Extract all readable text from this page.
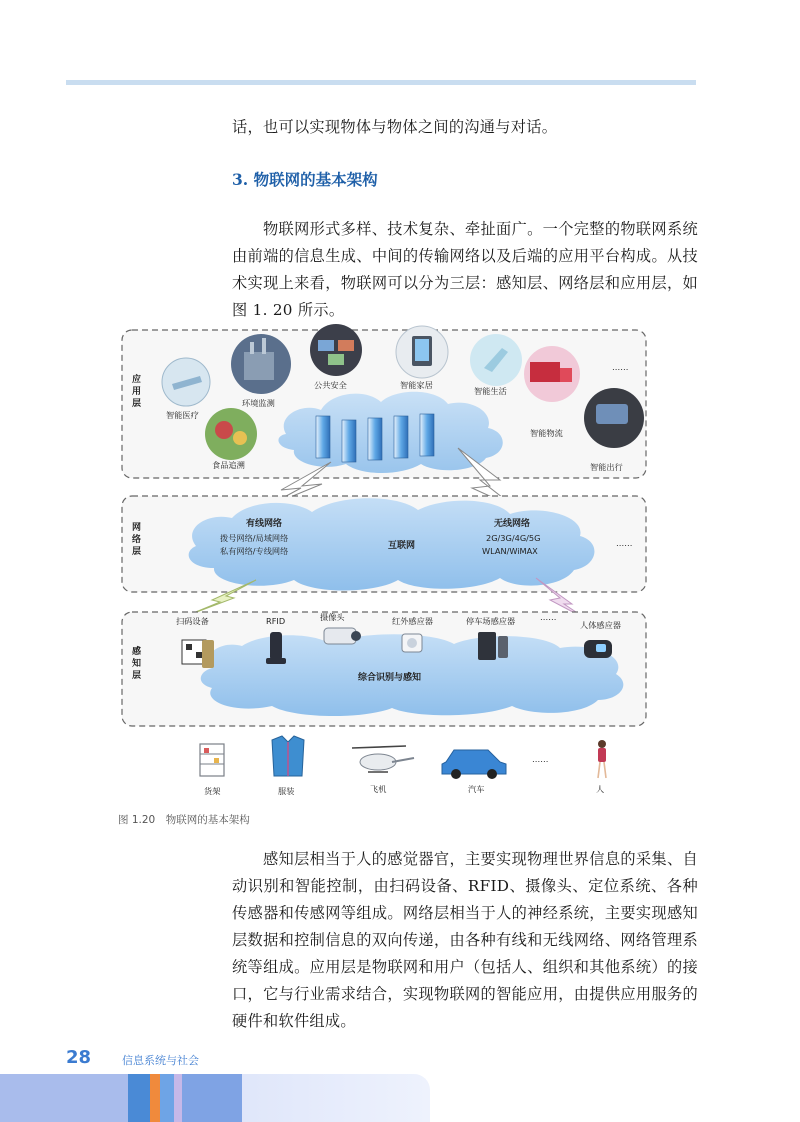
话，也可以实现物体与物体之间的沟通与对话。

3. 物联网的基本架构

物联网形式多样、技术复杂、牵扯面广。一个完整的物联网系统由前端的信息生成、中间的传输网络以及后端的应用平台构成。从技术实现上来看，物联网可以分为三层：感知层、网络层和应用层，如图 1. 20 所示。

应用层
智能医疗
环境监测
公共安全	智能家居
智能生活
智能物流
……
智能出行
食品追溯
网络层
有线网络
拨号网络/局域网络
私有网络/专线网络	互联网
无线网络
2G/3G/4G/5G
WLAN/WiMAX
……
感知层	综合识别与感知
扫码设备	RFID	摄像头	红外感应器	停车场感应器	……
人体感应器
货架	服装	飞机	汽车
……
人
图 1.20　物联网的基本架构

感知层相当于人的感觉器官，主要实现物理世界信息的采集、自动识别和智能控制，由扫码设备、RFID、摄像头、定位系统、各种传感器和传感网等组成。网络层相当于人的神经系统，主要实现感知层数据和控制信息的双向传递，由各种有线和无线网络、网络管理系统等组成。应用层是物联网和用户（包括人、组织和其他系统）的接口，它与行业需求结合，实现物联网的智能应用，由提供应用服务的硬件和软件组成。

28	信息系统与社会
